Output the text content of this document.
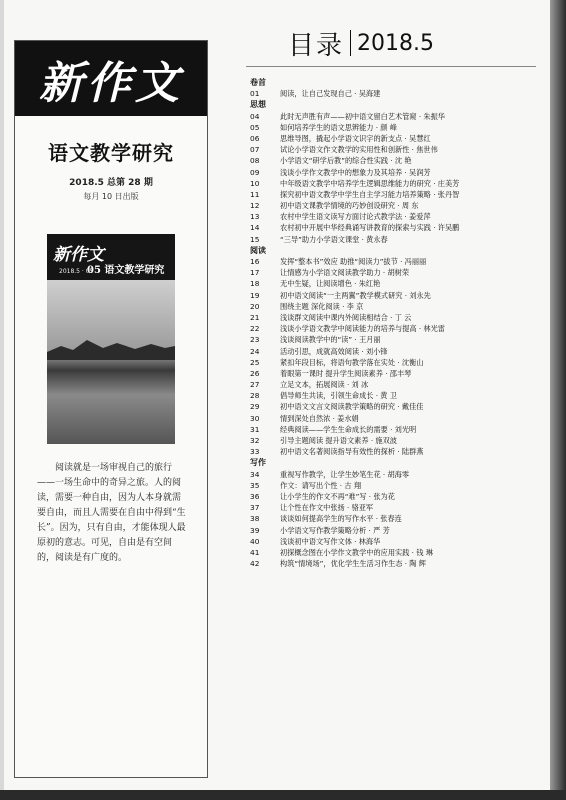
新作文
语文教学研究
2018.5 总第 28 期
每月 10 日出版
新作文
05 语文教学研究
2018.5 · 05
阅读就是一场审视自己的旅行——一场生命中的奇异之旅。人的阅读，需要一种自由，因为人本身就需要自由，而且人需要在自由中得到“生长”。因为，只有自由，才能体现人最原初的意志。可见，自由是有空间的，阅读是有广度的。
目录 2018.5
卷首
01	阅读，让自己发现自己 · 吴海建
思想
04	此时无声胜有声——初中语文留白艺术管窥 · 朱振华
05	如何培养学生的语文思辨能力 · 颜 峰
06	思维导图，撬起小学语文识字的新支点 · 吴慧红
07	试论小学语文作文教学的实用性和创新性 · 焦世伟
08	小学语文“研学后教”的综合性实践 · 沈 艳
09	浅谈小学作文教学中的想象力及其培养 · 吴润芳
10	中年级语文教学中培养学生逻辑思维能力的研究 · 庄美芳
11	探究初中语文教学中学生自主学习能力培养策略 · 张丹智
12	初中语文课教学情境的巧妙创设研究 · 周 东
13	农村中学生语文读写方面讨论式教学法 · 姜爱萍
14	农村初中开展中华经典诵写讲教育的探索与实践 · 许吴鹏
15	“三导”助力小学语文课堂 · 黄永春
阅读
16	发挥“整本书”效应 助推“阅读力”拔节 · 冯丽丽
17	让情感为小学语文阅读教学助力 · 胡树荣
18	无中生疑，让阅读增色 · 朱红艳
19	初中语文阅读“一主两翼”教学模式研究 · 刘永先
20	围绕主题 深化阅读 · 李 京
21	浅谈群文阅读中课内外阅读相结合 · 丁 云
22	浅谈小学语文教学中阅读能力的培养与提高 · 林光雷
23	浅谈阅读教学中的“读” · 王月丽
24	活动引思，成就高效阅读 · 刘小锋
25	紧扣年段目标，将语句教学落在实处 · 沈衡山
26	着眼第一课时 提升学生阅读素养 · 邵丰琴
27	立足文本，拓展阅读 · 刘 冰
28	倡导师生共读，引领生命成长 · 黄 卫
29	初中语文文言文阅读教学策略的研究 · 戴佳佳
30	情到深处自然浓 · 姜水娟
31	经典阅读——学生生命成长的需要 · 刘光明
32	引导主题阅读 提升语文素养 · 施双波
33	初中语文名著阅读指导有效性的探析 · 陆群燕
写作
34	重视写作教学，让学生妙笔生花 · 胡海零
35	作文：请写出个性 · 古 翔
36	让小学生的作文不再“难”写 · 张为花
37	让个性在作文中张扬 · 骆亚军
38	谈谈如何提高学生的写作水平 · 张春连
39	小学语文写作教学策略分析 · 严 芳
40	浅谈初中语文写作文体 · 林海华
41	初探概念图在小学作文教学中的应用实践 · 钱 琳
42	构筑“情境场”，优化学生生活习作生态 · 陶 辉
